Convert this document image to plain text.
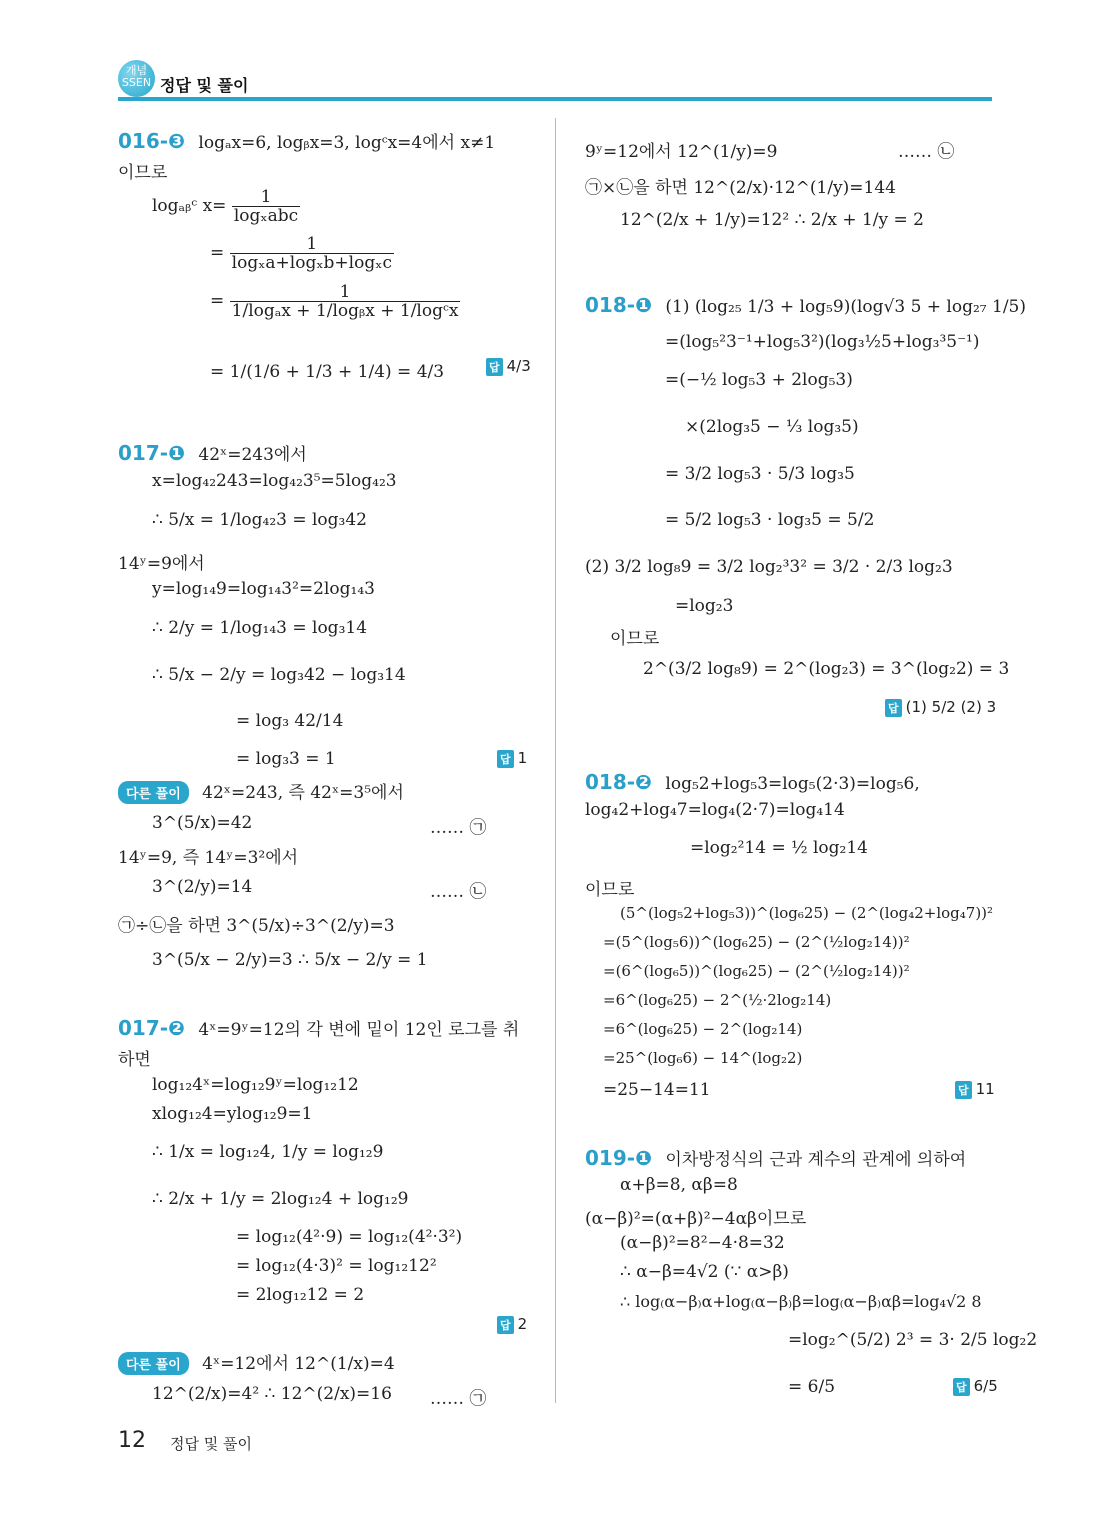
개념
SSEN 정답 및 풀이
016-❸ logₐx=6, logᵦx=3, logᶜx=4에서 x≠1
이므로
logₐᵦᶜ $x= \frac{1}{\text{logₓabc}}$
= $\frac{1}{\text{logₓa+logₓb+logₓc}}$
= $\frac{1}{\text{1/logₐx + 1/logᵦx + 1/logᶜx}}$
= 1/(1/6 + 1/3 + 1/4) = 4/3	답 4/3
017-❶ 42ˣ=243에서
x=log₄₂243=log₄₂3⁵=5log₄₂3
∴ 5/x = 1/log₄₂3 = log₃42
14ʸ=9에서
y=log₁₄9=log₁₄3²=2log₁₄3
∴ 2/y = 1/log₁₄3 = log₃14
∴ 5/x − 2/y = log₃42 − log₃14
= log₃ 42/14
= log₃3 = 1	답 1
다른 풀이 42ˣ=243, 즉 42ˣ=3⁵에서
3^(5/x)=42	…… ㉠
14ʸ=9, 즉 14ʸ=3²에서
3^(2/y)=14	…… ㉡
㉠÷㉡을 하면 3^(5/x)÷3^(2/y)=3
3^(5/x − 2/y)=3 ∴ 5/x − 2/y = 1
017-❷ 4ˣ=9ʸ=12의 각 변에 밑이 12인 로그를 취
하면
log₁₂4ˣ=log₁₂9ʸ=log₁₂12
xlog₁₂4=ylog₁₂9=1
∴ 1/x = log₁₂4, 1/y = log₁₂9
∴ 2/x + 1/y = 2log₁₂4 + log₁₂9
= log₁₂(4²·9) = log₁₂(4²·3²)
= log₁₂(4·3)² = log₁₂12²
= 2log₁₂12 = 2
답 2
다른 풀이 4ˣ=12에서 12^(1/x)=4
12^(2/x)=4² ∴ 12^(2/x)=16 …… ㉠
9ʸ=12에서 12^(1/y)=9	…… ㉡
㉠×㉡을 하면 12^(2/x)·12^(1/y)=144
12^(2/x + 1/y)=12² ∴ 2/x + 1/y = 2
018-❶ (1) (log₂₅ 1/3 + log₅9)(log√3 5 + log₂₇ 1/5)
=(log₅²3⁻¹+log₅3²)(log₃½5+log₃³5⁻¹)
=(−½ log₅3 + 2log₅3)
×(2log₃5 − ⅓ log₃5)
= 3/2 log₅3 · 5/3 log₃5
= 5/2 log₅3 · log₃5 = 5/2
(2) 3/2 log₈9 = 3/2 log₂³3² = 3/2 · 2/3 log₂3
=log₂3
이므로
2^(3/2 log₈9) = 2^(log₂3) = 3^(log₂2) = 3
답 (1) 5/2 (2) 3
018-❷ log₅2+log₅3=log₅(2·3)=log₅6,
log₄2+log₄7=log₄(2·7)=log₄14
=log₂²14 = ½ log₂14
이므로
(5^(log₅2+log₅3))^(log₆25) − (2^(log₄2+log₄7))²
=(5^(log₅6))^(log₆25) − (2^(½log₂14))²
=(6^(log₆5))^(log₆25) − (2^(½log₂14))²
=6^(log₆25) − 2^(½·2log₂14)
=6^(log₆25) − 2^(log₂14)
=25^(log₆6) − 14^(log₂2)
=25−14=11	답 11
019-❶ 이차방정식의 근과 계수의 관계에 의하여
α+β=8, αβ=8
(α−β)²=(α+β)²−4αβ이므로
(α−β)²=8²−4·8=32
∴ α−β=4√2 (∵ α>β)
∴ log₍α−β₎α+log₍α−β₎β=log₍α−β₎αβ=log₄√2 8
=log₂^(5/2) 2³ = 3· 2/5 log₂2
= 6/5	답 6/5
12 정답 및 풀이
